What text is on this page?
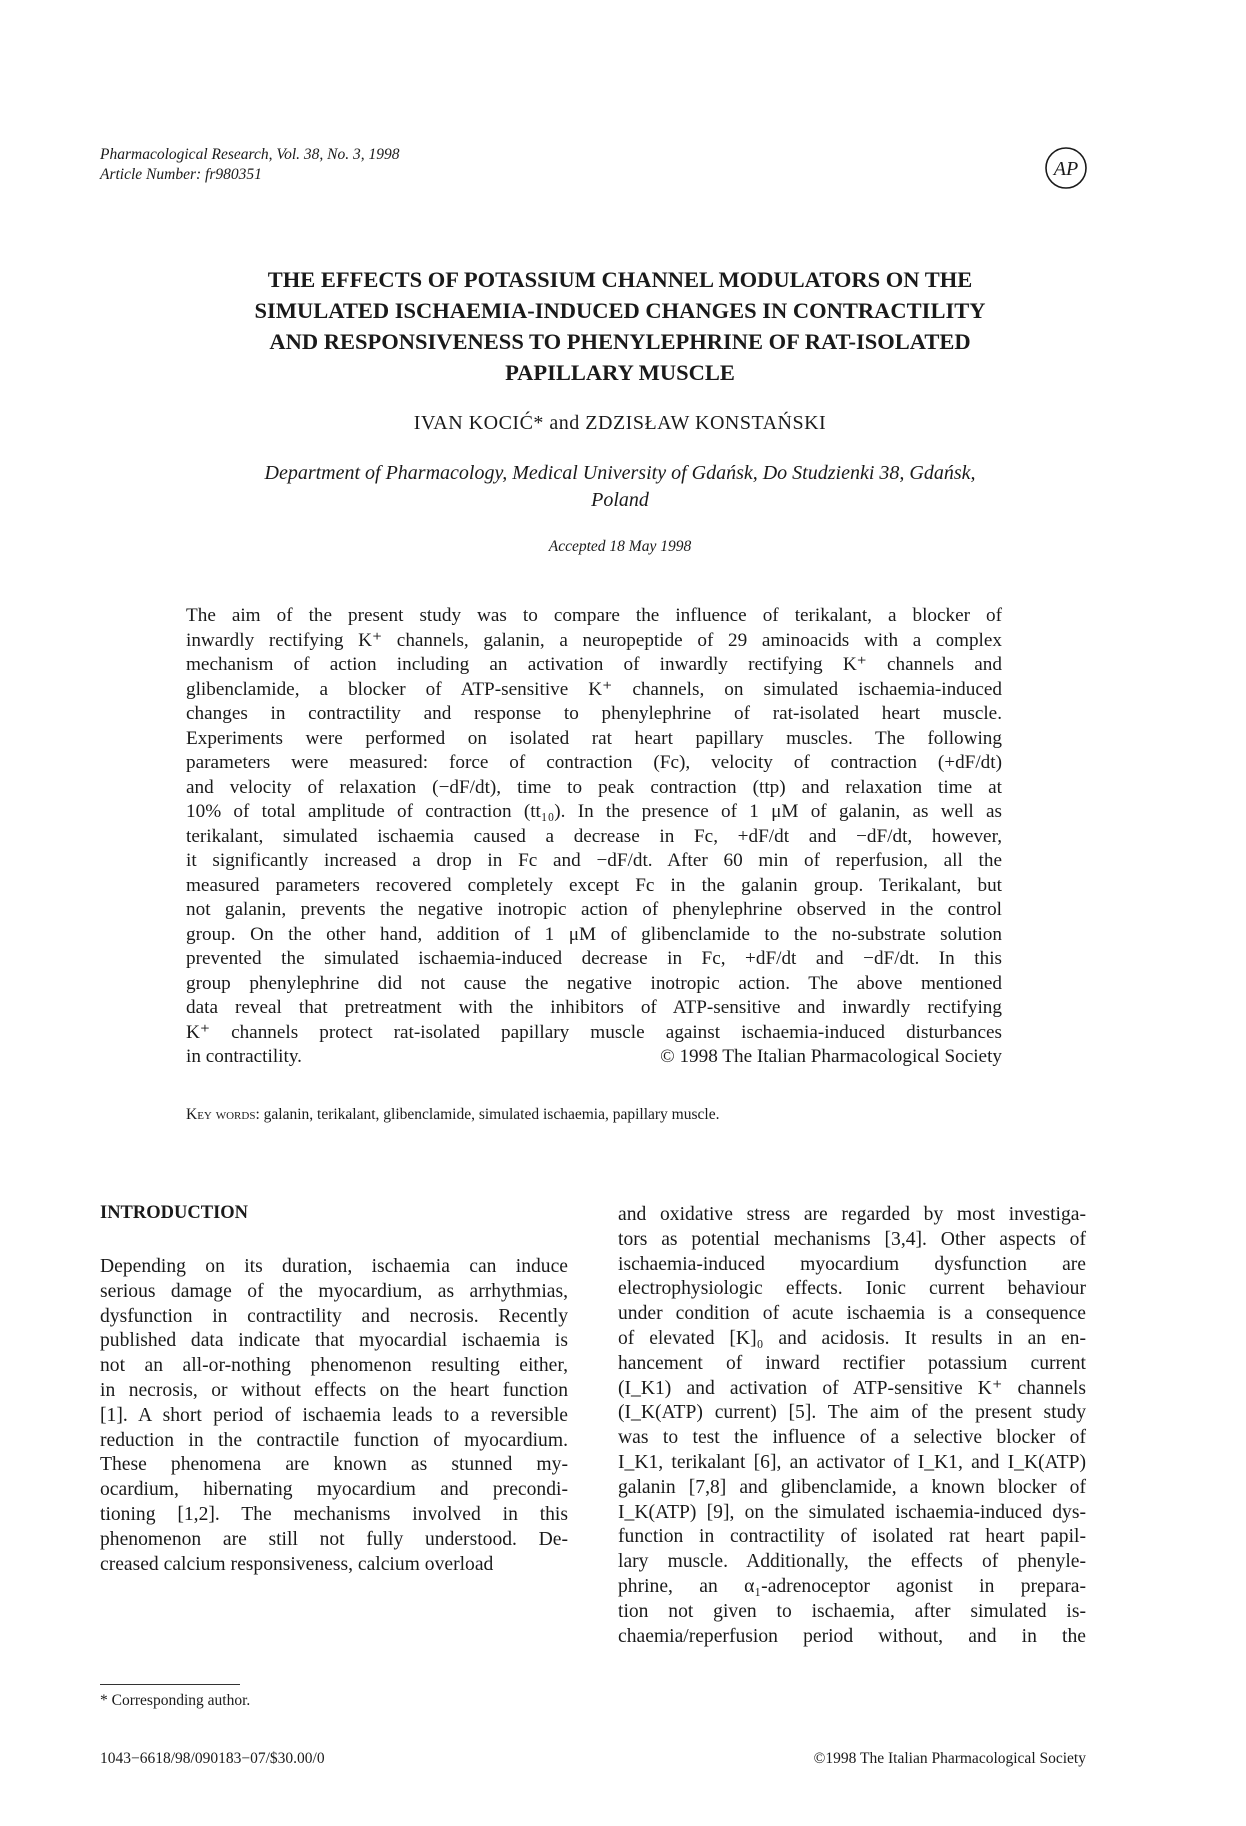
Pharmacological Research, Vol. 38, No. 3, 1998
Article Number: fr980351	AP
THE EFFECTS OF POTASSIUM CHANNEL MODULATORS ON THE
SIMULATED ISCHAEMIA-INDUCED CHANGES IN CONTRACTILITY
AND RESPONSIVENESS TO PHENYLEPHRINE OF RAT-ISOLATED
PAPILLARY MUSCLE
IVAN KOCIĆ* and ZDZISŁAW KONSTAŃSKI
Department of Pharmacology, Medical University of Gdańsk, Do Studzienki 38, Gdańsk,
Poland
Accepted 18 May 1998
The aim of the present study was to compare the influence of terikalant, a blocker of
inwardly rectifying K⁺ channels, galanin, a neuropeptide of 29 aminoacids with a complex
mechanism of action including an activation of inwardly rectifying K⁺ channels and
glibenclamide, a blocker of ATP-sensitive K⁺ channels, on simulated ischaemia-induced
changes in contractility and response to phenylephrine of rat-isolated heart muscle.
Experiments were performed on isolated rat heart papillary muscles. The following
parameters were measured: force of contraction (Fc), velocity of contraction (+dF/dt)
and velocity of relaxation (−dF/dt), time to peak contraction (ttp) and relaxation time at
10% of total amplitude of contraction (tt₁₀). In the presence of 1 μM of galanin, as well as
terikalant, simulated ischaemia caused a decrease in Fc, +dF/dt and −dF/dt, however,
it significantly increased a drop in Fc and −dF/dt. After 60 min of reperfusion, all the
measured parameters recovered completely except Fc in the galanin group. Terikalant, but
not galanin, prevents the negative inotropic action of phenylephrine observed in the control
group. On the other hand, addition of 1 μM of glibenclamide to the no-substrate solution
prevented the simulated ischaemia-induced decrease in Fc, +dF/dt and −dF/dt. In this
group phenylephrine did not cause the negative inotropic action. The above mentioned
data reveal that pretreatment with the inhibitors of ATP-sensitive and inwardly rectifying
K⁺ channels protect rat-isolated papillary muscle against ischaemia-induced disturbances
in contractility.	© 1998 The Italian Pharmacological Society
Key words: galanin, terikalant, glibenclamide, simulated ischaemia, papillary muscle.
INTRODUCTION
Depending on its duration, ischaemia can induce
serious damage of the myocardium, as arrhythmias,
dysfunction in contractility and necrosis. Recently
published data indicate that myocardial ischaemia is
not an all-or-nothing phenomenon resulting either,
in necrosis, or without effects on the heart function
[1]. A short period of ischaemia leads to a reversible
reduction in the contractile function of myocardium.
These phenomena are known as stunned my-
ocardium, hibernating myocardium and precondi-
tioning [1,2]. The mechanisms involved in this
phenomenon are still not fully understood. De-
creased calcium responsiveness, calcium overload
and oxidative stress are regarded by most investiga-
tors as potential mechanisms [3,4]. Other aspects of
ischaemia-induced myocardium dysfunction are
electrophysiologic effects. Ionic current behaviour
under condition of acute ischaemia is a consequence
of elevated [K]₀ and acidosis. It results in an en-
hancement of inward rectifier potassium current
(I_K1) and activation of ATP-sensitive K⁺ channels
(I_K(ATP) current) [5]. The aim of the present study
was to test the influence of a selective blocker of
I_K1, terikalant [6], an activator of I_K1, and I_K(ATP)
galanin [7,8] and glibenclamide, a known blocker of
I_K(ATP) [9], on the simulated ischaemia-induced dys-
function in contractility of isolated rat heart papil-
lary muscle. Additionally, the effects of phenyle-
phrine, an α₁-adrenoceptor agonist in prepara-
tion not given to ischaemia, after simulated is-
chaemia/reperfusion period without, and in the
* Corresponding author.
1043−6618/98/090183−07/$30.00/0	©1998 The Italian Pharmacological Society
